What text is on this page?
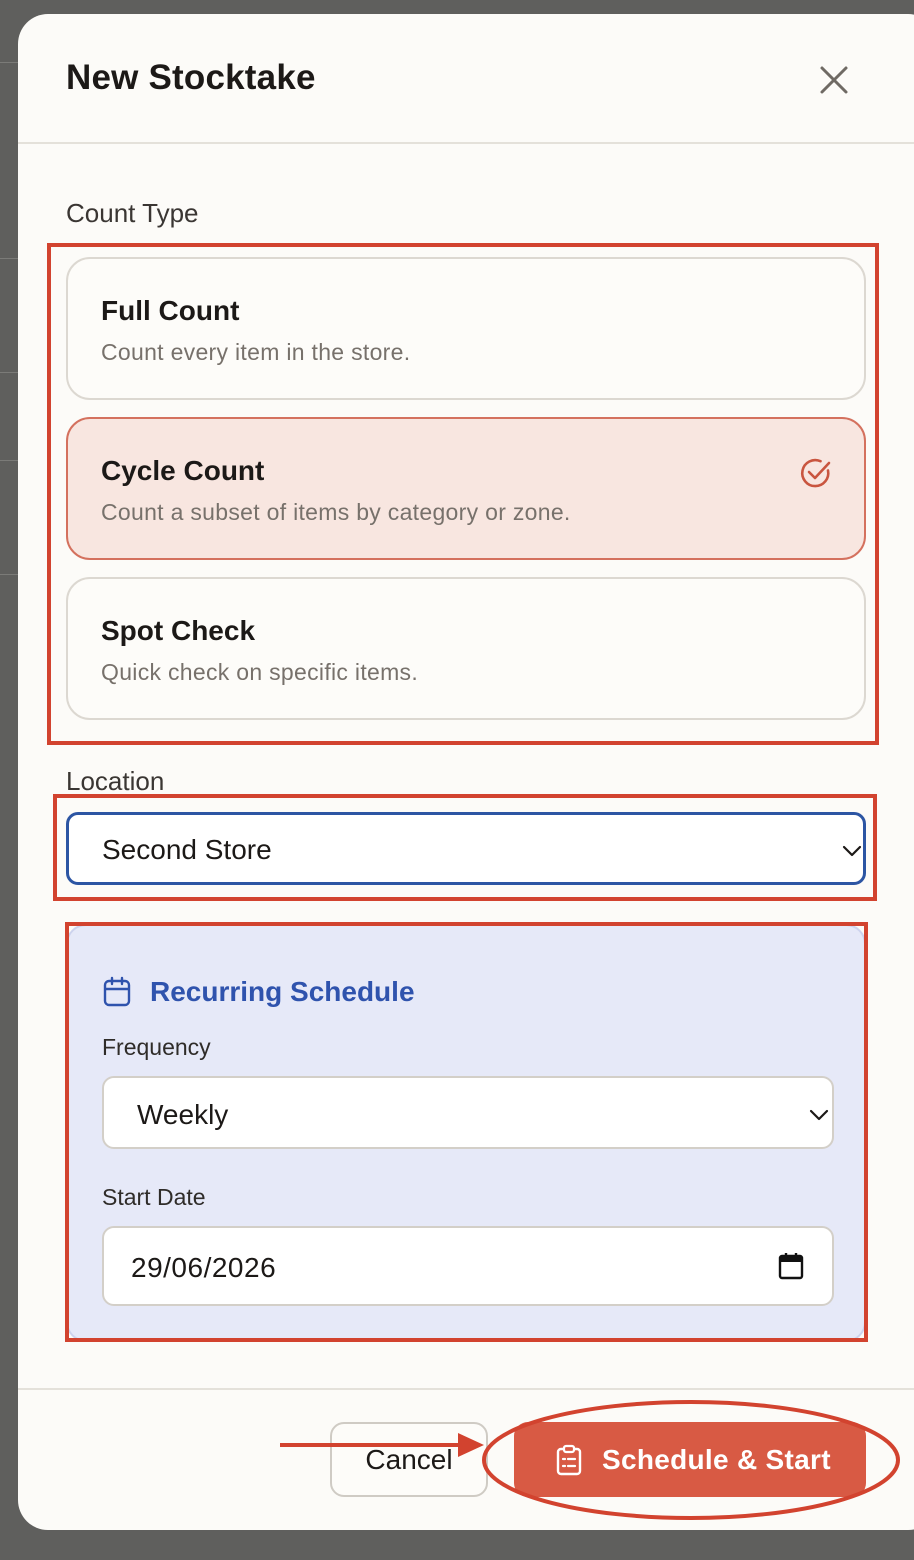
New Stocktake
Count Type
Full Count
Count every item in the store.
Cycle Count
Count a subset of items by category or zone.
Spot Check
Quick check on specific items.
Location
Second Store
Recurring Schedule
Frequency
Weekly
Start Date
29/06/2026
Cancel	Schedule & Start
